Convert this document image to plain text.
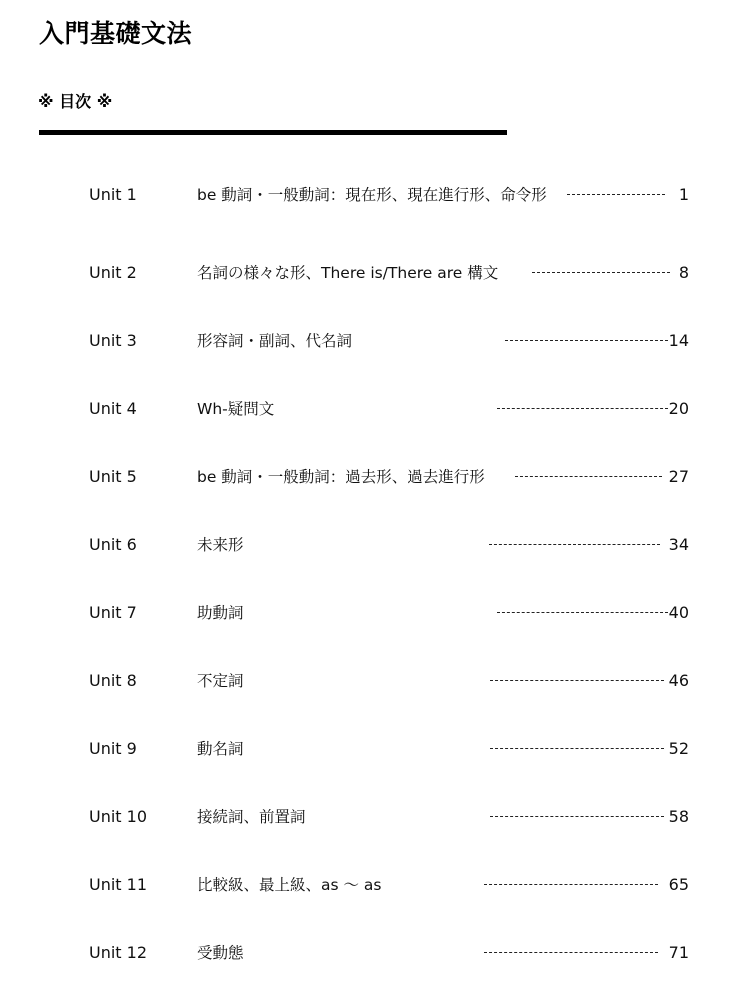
入門基礎文法
※ 目次 ※
Unit 1	be 動詞・一般動詞：現在形、現在進行形、命令形	1
Unit 2	名詞の様々な形、There is/There are 構文	8
Unit 3	形容詞・副詞、代名詞	14
Unit 4	Wh-疑問文	20
Unit 5	be 動詞・一般動詞：過去形、過去進行形	27
Unit 6	未来形	34
Unit 7	助動詞	40
Unit 8	不定詞	46
Unit 9	動名詞	52
Unit 10	接続詞、前置詞	58
Unit 11	比較級、最上級、as ～ as	65
Unit 12	受動態	71
